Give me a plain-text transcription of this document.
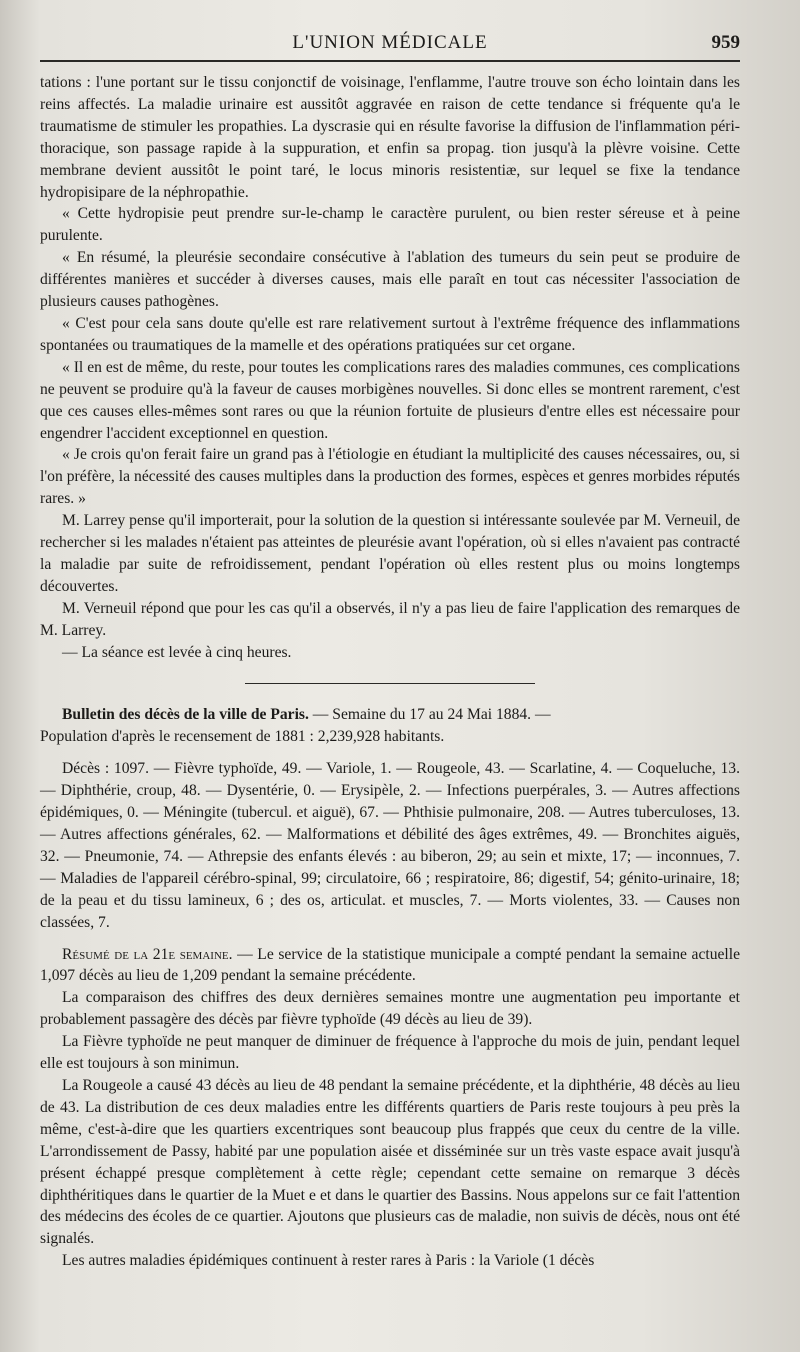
L'UNION MÉDICALE	959

tations : l'une portant sur le tissu conjonctif de voisinage, l'enflamme, l'autre trouve son écho lointain dans les reins affectés. La maladie urinaire est aussitôt aggravée en raison de cette tendance si fréquente qu'a le traumatisme de stimuler les propathies. La dyscrasie qui en résulte favorise la diffusion de l'inflammation péri-thoracique, son passage rapide à la suppuration, et enfin sa propag. tion jusqu'à la plèvre voisine. Cette membrane devient aussitôt le point taré, le locus minoris resistentiæ, sur lequel se fixe la tendance hydropisipare de la néphropathie.

« Cette hydropisie peut prendre sur-le-champ le caractère purulent, ou bien rester séreuse et à peine purulente.

« En résumé, la pleurésie secondaire consécutive à l'ablation des tumeurs du sein peut se produire de différentes manières et succéder à diverses causes, mais elle paraît en tout cas nécessiter l'association de plusieurs causes pathogènes.

« C'est pour cela sans doute qu'elle est rare relativement surtout à l'extrême fréquence des inflammations spontanées ou traumatiques de la mamelle et des opérations pratiquées sur cet organe.

« Il en est de même, du reste, pour toutes les complications rares des maladies communes, ces complications ne peuvent se produire qu'à la faveur de causes morbigènes nouvelles. Si donc elles se montrent rarement, c'est que ces causes elles-mêmes sont rares ou que la réunion fortuite de plusieurs d'entre elles est nécessaire pour engendrer l'accident exceptionnel en question.

« Je crois qu'on ferait faire un grand pas à l'étiologie en étudiant la multiplicité des causes nécessaires, ou, si l'on préfère, la nécessité des causes multiples dans la production des formes, espèces et genres morbides réputés rares. »

M. Larrey pense qu'il importerait, pour la solution de la question si intéressante soulevée par M. Verneuil, de rechercher si les malades n'étaient pas atteintes de pleurésie avant l'opération, où si elles n'avaient pas contracté la maladie par suite de refroidissement, pendant l'opération où elles restent plus ou moins longtemps découvertes.

M. Verneuil répond que pour les cas qu'il a observés, il n'y a pas lieu de faire l'application des remarques de M. Larrey.

— La séance est levée à cinq heures.

Bulletin des décès de la ville de Paris. — Semaine du 17 au 24 Mai 1884. —

Population d'après le recensement de 1881 : 2,239,928 habitants.

Décès : 1097. — Fièvre typhoïde, 49. — Variole, 1. — Rougeole, 43. — Scarlatine, 4. — Coqueluche, 13. — Diphthérie, croup, 48. — Dysentérie, 0. — Erysipèle, 2. — Infections puerpérales, 3. — Autres affections épidémiques, 0. — Méningite (tubercul. et aiguë), 67. — Phthisie pulmonaire, 208. — Autres tuberculoses, 13. — Autres affections générales, 62. — Malformations et débilité des âges extrêmes, 49. — Bronchites aiguës, 32. — Pneumonie, 74. — Athrepsie des enfants élevés : au biberon, 29; au sein et mixte, 17; — inconnues, 7. — Maladies de l'appareil cérébro-spinal, 99; circulatoire, 66 ; respiratoire, 86; digestif, 54; génito-urinaire, 18; de la peau et du tissu lamineux, 6 ; des os, articulat. et muscles, 7. — Morts violentes, 33. — Causes non classées, 7.

Résumé de la 21e semaine. — Le service de la statistique municipale a compté pendant la semaine actuelle 1,097 décès au lieu de 1,209 pendant la semaine précédente.

La comparaison des chiffres des deux dernières semaines montre une augmentation peu importante et probablement passagère des décès par fièvre typhoïde (49 décès au lieu de 39).

La Fièvre typhoïde ne peut manquer de diminuer de fréquence à l'approche du mois de juin, pendant lequel elle est toujours à son minimun.

La Rougeole a causé 43 décès au lieu de 48 pendant la semaine précédente, et la diphthérie, 48 décès au lieu de 43. La distribution de ces deux maladies entre les différents quartiers de Paris reste toujours à peu près la même, c'est-à-dire que les quartiers excentriques sont beaucoup plus frappés que ceux du centre de la ville. L'arrondissement de Passy, habité par une population aisée et disséminée sur un très vaste espace avait jusqu'à présent échappé presque complètement à cette règle; cependant cette semaine on remarque 3 décès diphthéritiques dans le quartier de la Muet e et dans le quartier des Bassins. Nous appelons sur ce fait l'attention des médecins des écoles de ce quartier. Ajoutons que plusieurs cas de maladie, non suivis de décès, nous ont été signalés.

Les autres maladies épidémiques continuent à rester rares à Paris : la Variole (1 décès
